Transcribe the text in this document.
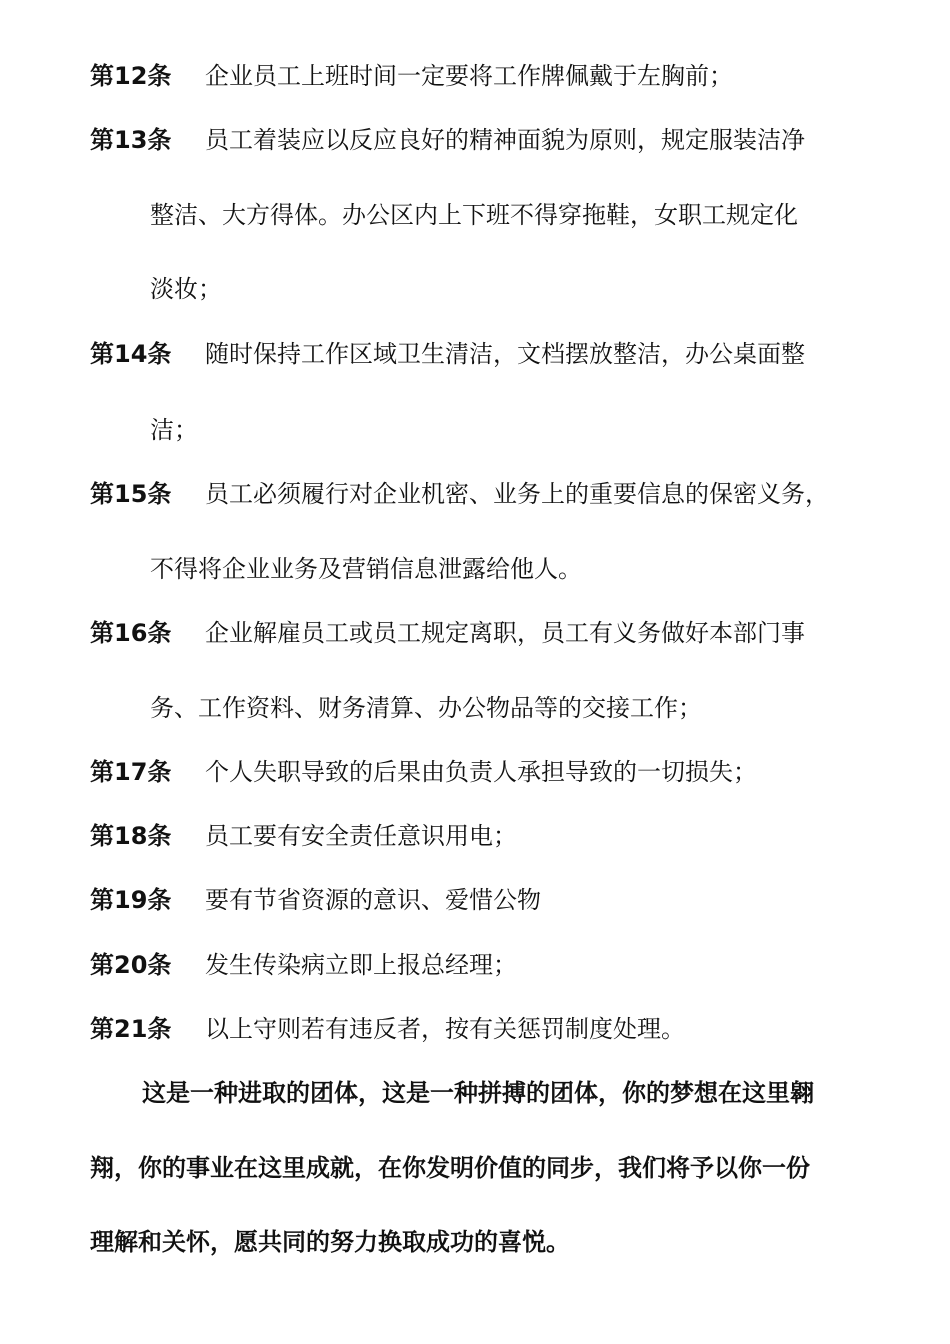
第12条 企业员工上班时间一定要将工作牌佩戴于左胸前；
第13条 员工着装应以反应良好的精神面貌为原则，规定服装洁净
整洁、大方得体。办公区内上下班不得穿拖鞋，女职工规定化
淡妆；
第14条 随时保持工作区域卫生清洁，文档摆放整洁，办公桌面整
洁；
第15条 员工必须履行对企业机密、业务上的重要信息的保密义务，
不得将企业业务及营销信息泄露给他人。
第16条 企业解雇员工或员工规定离职，员工有义务做好本部门事
务、工作资料、财务清算、办公物品等的交接工作；
第17条 个人失职导致的后果由负责人承担导致的一切损失；
第18条 员工要有安全责任意识用电；
第19条 要有节省资源的意识、爱惜公物
第20条 发生传染病立即上报总经理；
第21条 以上守则若有违反者，按有关惩罚制度处理。
这是一种进取的团体，这是一种拼搏的团体，你的梦想在这里翱
翔，你的事业在这里成就，在你发明价值的同步，我们将予以你一份
理解和关怀，愿共同的努力换取成功的喜悦。
